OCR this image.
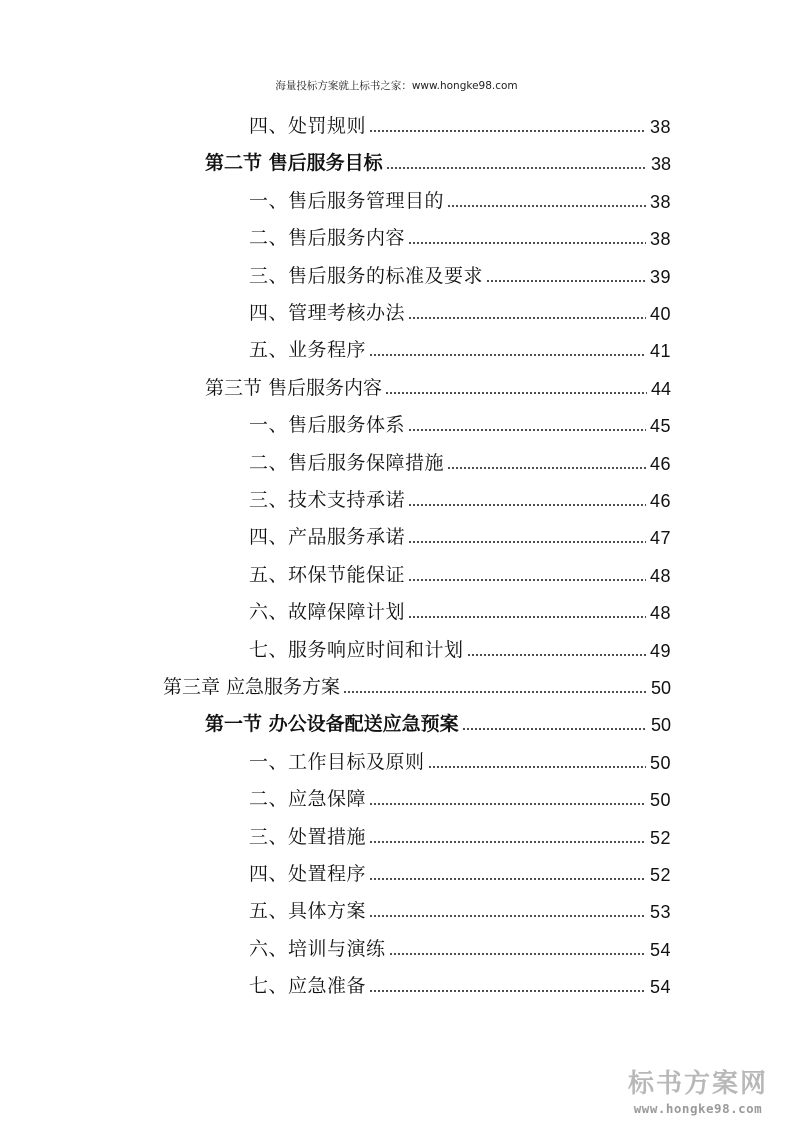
海量投标方案就上标书之家：www.hongke98.com
四、处罚规则	38
第二节 售后服务目标	38
一、售后服务管理目的	38
二、售后服务内容	38
三、售后服务的标准及要求	39
四、管理考核办法	40
五、业务程序	41
第三节 售后服务内容	44
一、售后服务体系	45
二、售后服务保障措施	46
三、技术支持承诺	46
四、产品服务承诺	47
五、环保节能保证	48
六、故障保障计划	48
七、服务响应时间和计划	49
第三章 应急服务方案	50
第一节 办公设备配送应急预案	50
一、工作目标及原则	50
二、应急保障	50
三、处置措施	52
四、处置程序	52
五、具体方案	53
六、培训与演练	54
七、应急准备	54
标书方案网
www.hongke98.com
